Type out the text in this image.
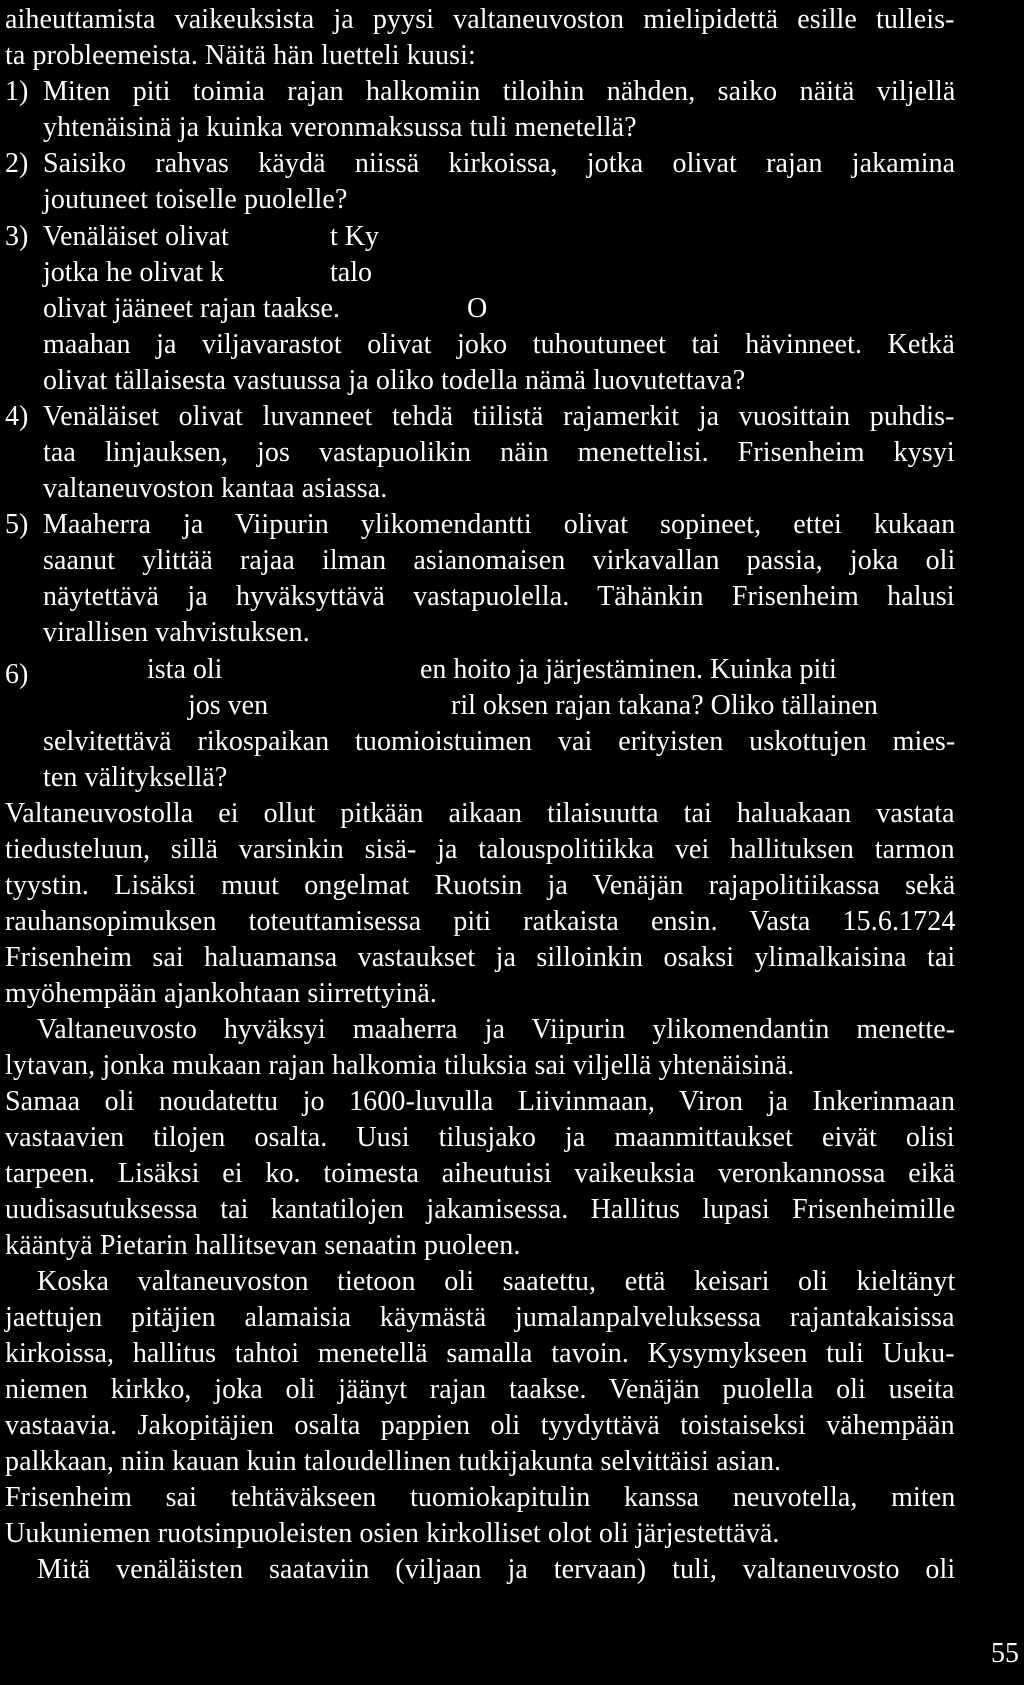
aiheuttamista vaikeuksista ja pyysi valtaneuvoston mielipidettä esille tulleis-
ta probleemeista. Näitä hän luetteli kuusi:
1) Miten piti toimia rajan halkomiin tiloihin nähden, saiko näitä viljellä
yhtenäisinä ja kuinka veronmaksussa tuli menetellä?
2) Saisiko rahvas käydä niissä kirkoissa, jotka olivat rajan jakamina
joutuneet toiselle puolelle?
3) Venäläiset olivat	t Ky
jotka he olivat k	talo
olivat jääneet rajan taakse.	O
maahan ja viljavarastot olivat joko tuhoutuneet tai hävinneet. Ketkä
olivat tällaisesta vastuussa ja oliko todella nämä luovutettava?
4) Venäläiset olivat luvanneet tehdä tiilistä rajamerkit ja vuosittain puhdis-
taa linjauksen, jos vastapuolikin näin menettelisi. Frisenheim kysyi
valtaneuvoston kantaa asiassa.
5) Maaherra ja Viipurin ylikomendantti olivat sopineet, ettei kukaan
saanut ylittää rajaa ilman asianomaisen virkavallan passia, joka oli
näytettävä ja hyväksyttävä vastapuolella. Tähänkin Frisenheim halusi
virallisen vahvistuksen.
6)	ista oli	en hoito ja järjestäminen. Kuinka piti
jos ven	ril oksen rajan takana? Oliko tällainen
selvitettävä rikospaikan tuomioistuimen vai erityisten uskottujen mies-
ten välityksellä?
Valtaneuvostolla ei ollut pitkään aikaan tilaisuutta tai haluakaan vastata
tiedusteluun, sillä varsinkin sisä- ja talouspolitiikka vei hallituksen tarmon
tyystin. Lisäksi muut ongelmat Ruotsin ja Venäjän rajapolitiikassa sekä
rauhansopimuksen toteuttamisessa piti ratkaista ensin. Vasta 15.6.1724
Frisenheim sai haluamansa vastaukset ja silloinkin osaksi ylimalkaisina tai
myöhempään ajankohtaan siirrettyinä.
Valtaneuvosto hyväksyi maaherra ja Viipurin ylikomendantin menette-
lytavan, jonka mukaan rajan halkomia tiluksia sai viljellä yhtenäisinä.
Samaa oli noudatettu jo 1600-luvulla Liivinmaan, Viron ja Inkerinmaan
vastaavien tilojen osalta. Uusi tilusjako ja maanmittaukset eivät olisi
tarpeen. Lisäksi ei ko. toimesta aiheutuisi vaikeuksia veronkannossa eikä
uudisasutuksessa tai kantatilojen jakamisessa. Hallitus lupasi Frisenheimille
kääntyä Pietarin hallitsevan senaatin puoleen.
Koska valtaneuvoston tietoon oli saatettu, että keisari oli kieltänyt
jaettujen pitäjien alamaisia käymästä jumalanpalveluksessa rajantakaisissa
kirkoissa, hallitus tahtoi menetellä samalla tavoin. Kysymykseen tuli Uuku-
niemen kirkko, joka oli jäänyt rajan taakse. Venäjän puolella oli useita
vastaavia. Jakopitäjien osalta pappien oli tyydyttävä toistaiseksi vähempään
palkkaan, niin kauan kuin taloudellinen tutkijakunta selvittäisi asian.
Frisenheim sai tehtäväkseen tuomiokapitulin kanssa neuvotella, miten
Uukuniemen ruotsinpuoleisten osien kirkolliset olot oli järjestettävä.
Mitä venäläisten saataviin (viljaan ja tervaan) tuli, valtaneuvosto oli
55
